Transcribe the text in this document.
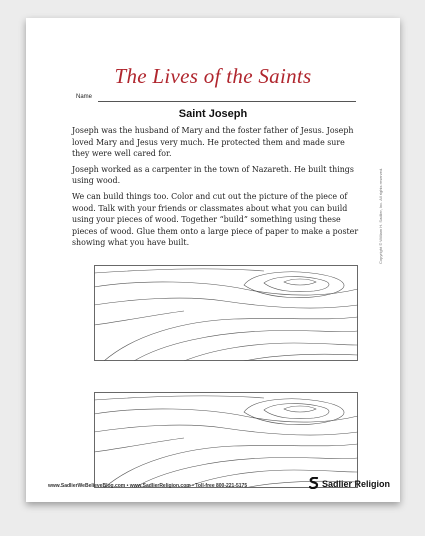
The Lives of the Saints
Name
Saint Joseph

Joseph was the husband of Mary and the foster father of Jesus. Joseph loved Mary and Jesus very much. He protected them and made sure they were well cared for.

Joseph worked as a carpenter in the town of Nazareth. He built things using wood.

We can build things too. Color and cut out the picture of the piece of wood. Talk with your friends or classmates about what you can build using your pieces of wood. Together “build” something using these pieces of wood. Glue them onto a large piece of paper to make a poster showing what you have built.	Copyright © William H. Sadlier, Inc. All rights reserved.
www.SadlierWeBelieveBlog.com • www.SadlierReligion.com • Toll-free 800-221-5175	Sadlier Religion
